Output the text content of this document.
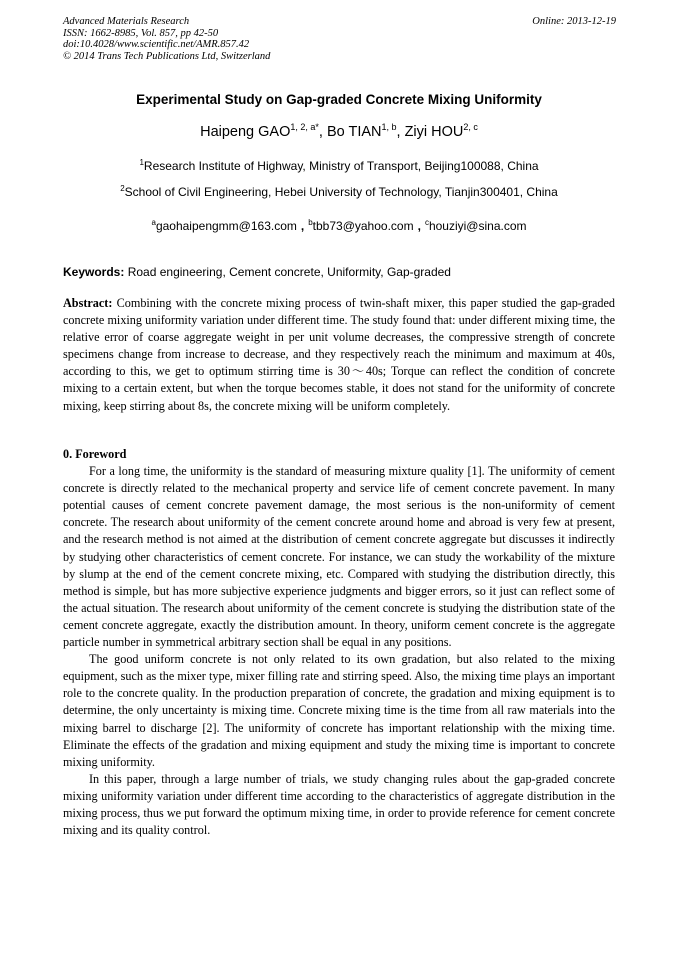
Advanced Materials Research
ISSN: 1662-8985, Vol. 857, pp 42-50
doi:10.4028/www.scientific.net/AMR.857.42
© 2014 Trans Tech Publications Ltd, Switzerland
Online: 2013-12-19
Experimental Study on Gap-graded Concrete Mixing Uniformity
Haipeng $GAO^{1, 2, a*}$, Bo TIAN$^{1, b}$, Ziyi HOU$^{2, c}$
$^1$Research Institute of Highway, Ministry of Transport, Beijing100088, China
$^2$School of Civil Engineering, Hebei University of Technology, Tianjin300401, China
$^a$gaohaipengmm@163.com , $^b$tbb73@yahoo.com , $^c$houziyi@sina.com
Keywords: Road engineering, Cement concrete, Uniformity, Gap-graded
Abstract: Combining with the concrete mixing process of twin-shaft mixer, this paper studied the gap-graded concrete mixing uniformity variation under different time. The study found that: under different mixing time, the relative error of coarse aggregate weight in per unit volume decreases, the compressive strength of concrete specimens change from increase to decrease, and they respectively reach the minimum and maximum at 40s, according to this, we get to optimum stirring time is 30～40s; Torque can reflect the condition of concrete mixing to a certain extent, but when the torque becomes stable, it does not stand for the uniformity of concrete mixing, keep stirring about 8s, the concrete mixing will be uniform completely.
0. Foreword

For a long time, the uniformity is the standard of measuring mixture quality [1]. The uniformity of cement concrete is directly related to the mechanical property and service life of cement concrete pavement. In many potential causes of cement concrete pavement damage, the most serious is the non-uniformity of cement concrete. The research about uniformity of the cement concrete around home and abroad is very few at present, and the research method is not aimed at the distribution of cement concrete aggregate but discusses it indirectly by studying other characteristics of cement concrete. For instance, we can study the workability of the mixture by slump at the end of the cement concrete mixing, etc. Compared with studying the distribution directly, this method is simple, but has more subjective experience judgments and bigger errors, so it just can reflect some of the actual situation. The research about uniformity of the cement concrete is studying the distribution state of the cement concrete aggregate, exactly the distribution amount. In theory, uniform cement concrete is the aggregate particle number in symmetrical arbitrary section shall be equal in any positions.

The good uniform concrete is not only related to its own gradation, but also related to the mixing equipment, such as the mixer type, mixer filling rate and stirring speed. Also, the mixing time plays an important role to the concrete quality. In the production preparation of concrete, the gradation and mixing equipment is to determine, the only uncertainty is mixing time. Concrete mixing time is the time from all raw materials into the mixing barrel to discharge [2]. The uniformity of concrete has important relationship with the mixing time. Eliminate the effects of the gradation and mixing equipment and study the mixing time is important to concrete mixing uniformity.

In this paper, through a large number of trials, we study changing rules about the gap-graded concrete mixing uniformity variation under different time according to the characteristics of aggregate distribution in the mixing process, thus we put forward the optimum mixing time, in order to provide reference for cement concrete mixing and its quality control.
